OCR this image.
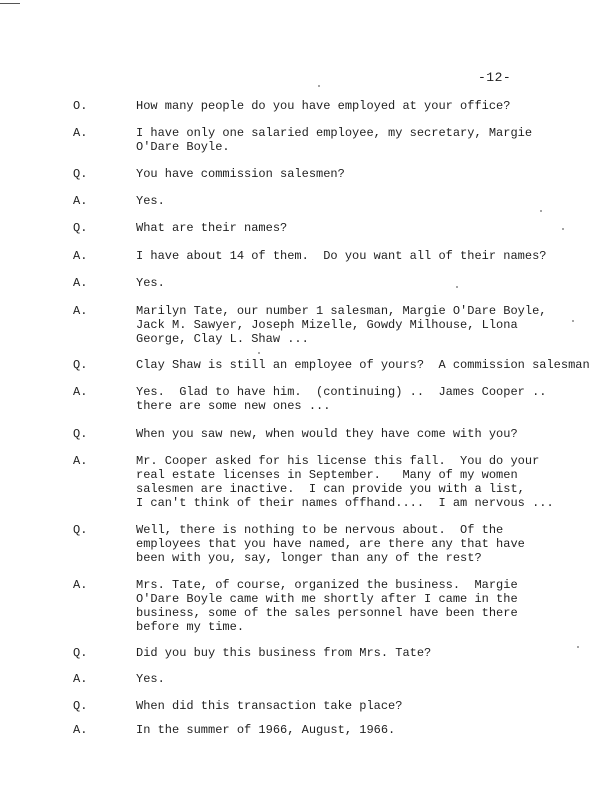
-12-
O.	How many people do you have employed at your office?
A.	I have only one salaried employee, my secretary, Margie
O'Dare Boyle.
Q.	You have commission salesmen?
A.	Yes.
Q.	What are their names?
A.	I have about 14 of them.  Do you want all of their names?
A.	Yes.
A.	Marilyn Tate, our number 1 salesman, Margie O'Dare Boyle,
Jack M. Sawyer, Joseph Mizelle, Gowdy Milhouse, Llona
George, Clay L. Shaw ...
Q.	Clay Shaw is still an employee of yours?  A commission salesman
A.	Yes.  Glad to have him.  (continuing) ..  James Cooper ..
there are some new ones ...
Q.	When you saw new, when would they have come with you?
A.	Mr. Cooper asked for his license this fall.  You do your
real estate licenses in September.   Many of my women
salesmen are inactive.  I can provide you with a list,
I can't think of their names offhand....  I am nervous ...
Q.	Well, there is nothing to be nervous about.  Of the
employees that you have named, are there any that have
been with you, say, longer than any of the rest?
A.	Mrs. Tate, of course, organized the business.  Margie
O'Dare Boyle came with me shortly after I came in the
business, some of the sales personnel have been there
before my time.
Q.	Did you buy this business from Mrs. Tate?
A.	Yes.
Q.	When did this transaction take place?
A.	In the summer of 1966, August, 1966.
